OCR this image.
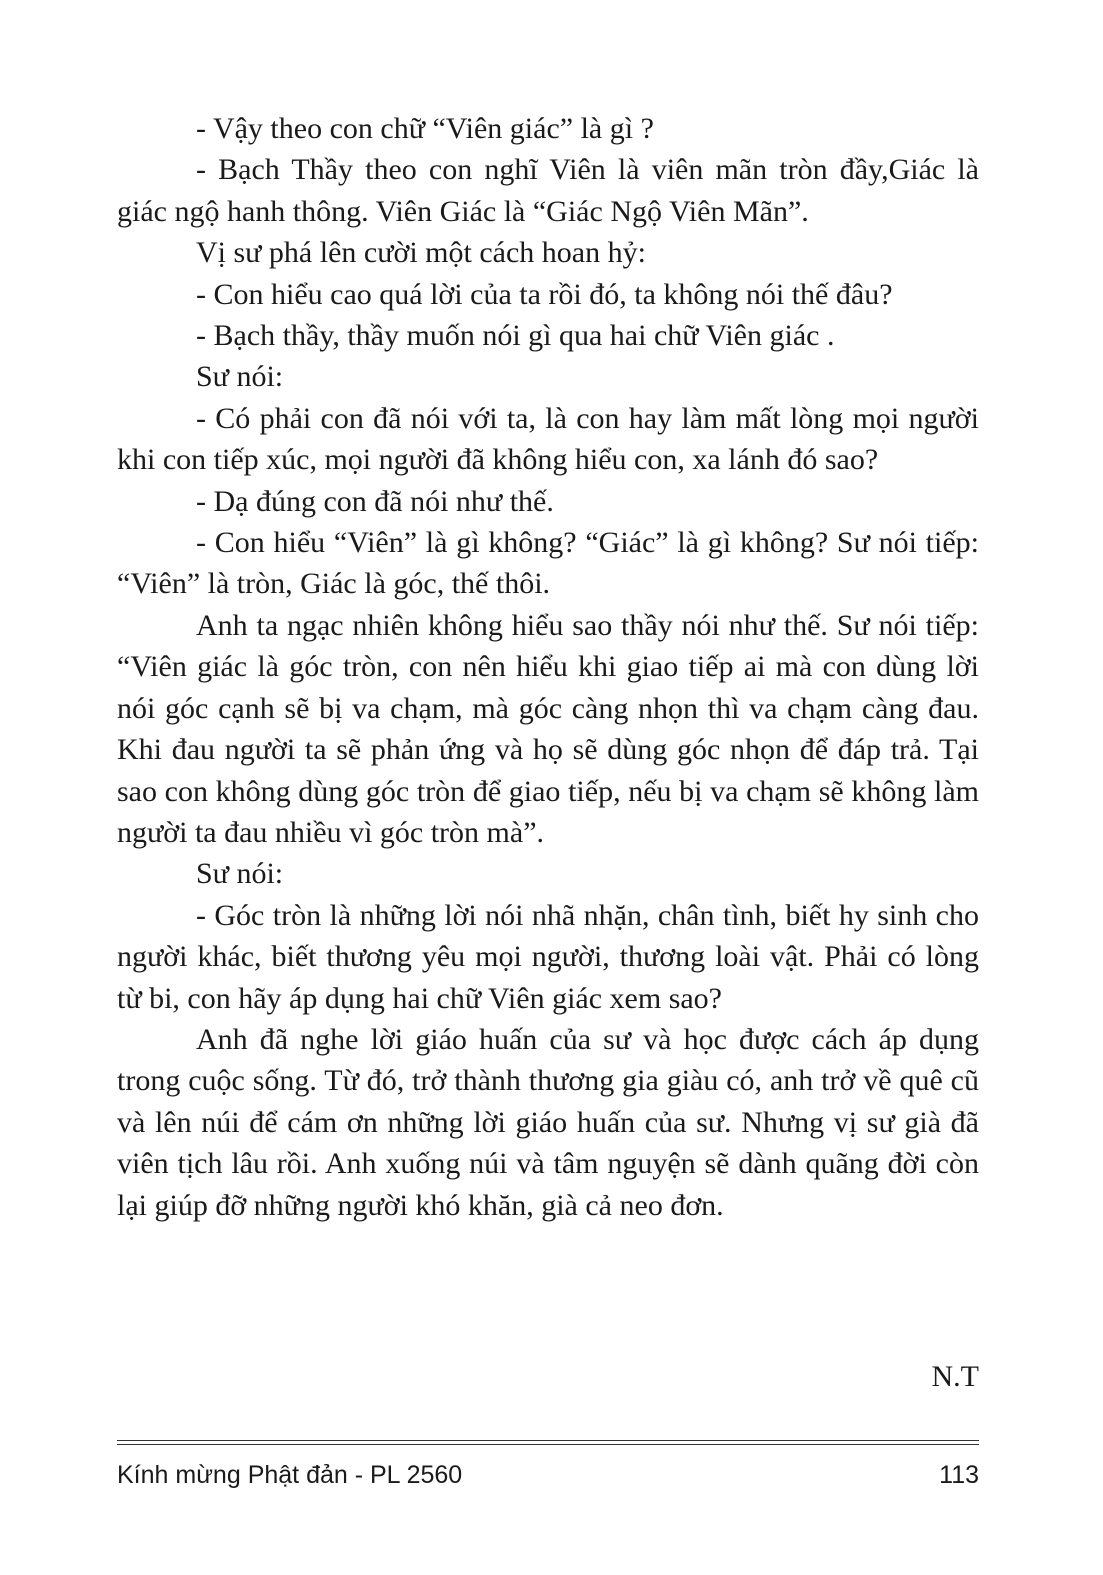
- Vậy theo con chữ “Viên giác” là gì ?

- Bạch Thầy theo con nghĩ Viên là viên mãn tròn đầy,Giác là giác ngộ hanh thông. Viên Giác là “Giác Ngộ Viên Mãn”.

Vị sư phá lên cười một cách hoan hỷ:

- Con hiểu cao quá lời của ta rồi đó, ta không nói thế đâu?

- Bạch thầy, thầy muốn nói gì qua hai chữ Viên giác .

Sư nói:

- Có phải con đã nói với ta, là con hay làm mất lòng mọi người khi con tiếp xúc, mọi người đã không hiểu con, xa lánh đó sao?

- Dạ đúng con đã nói như thế.

- Con hiểu “Viên” là gì không? “Giác” là gì không? Sư nói tiếp: “Viên” là tròn, Giác là góc, thế thôi.

Anh ta ngạc nhiên không hiểu sao thầy nói như thế. Sư nói tiếp: “Viên giác là góc tròn, con nên hiểu khi giao tiếp ai mà con dùng lời nói góc cạnh sẽ bị va chạm, mà góc càng nhọn thì va chạm càng đau. Khi đau người ta sẽ phản ứng và họ sẽ dùng góc nhọn để đáp trả. Tại sao con không dùng góc tròn để giao tiếp, nếu bị va chạm sẽ không làm người ta đau nhiều vì góc tròn mà”.

Sư nói:

- Góc tròn là những lời nói nhã nhặn, chân tình, biết hy sinh cho người khác, biết thương yêu mọi người, thương loài vật. Phải có lòng từ bi, con hãy áp dụng hai chữ Viên giác xem sao?

Anh đã nghe lời giáo huấn của sư và học được cách áp dụng trong cuộc sống. Từ đó, trở thành thương gia giàu có, anh trở về quê cũ và lên núi để cám ơn những lời giáo huấn của sư. Nhưng vị sư già đã viên tịch lâu rồi. Anh xuống núi và tâm nguyện sẽ dành quãng đời còn lại giúp đỡ những người khó khăn, già cả neo đơn.

N.T
Kính mừng Phật đản - PL 2560	113
